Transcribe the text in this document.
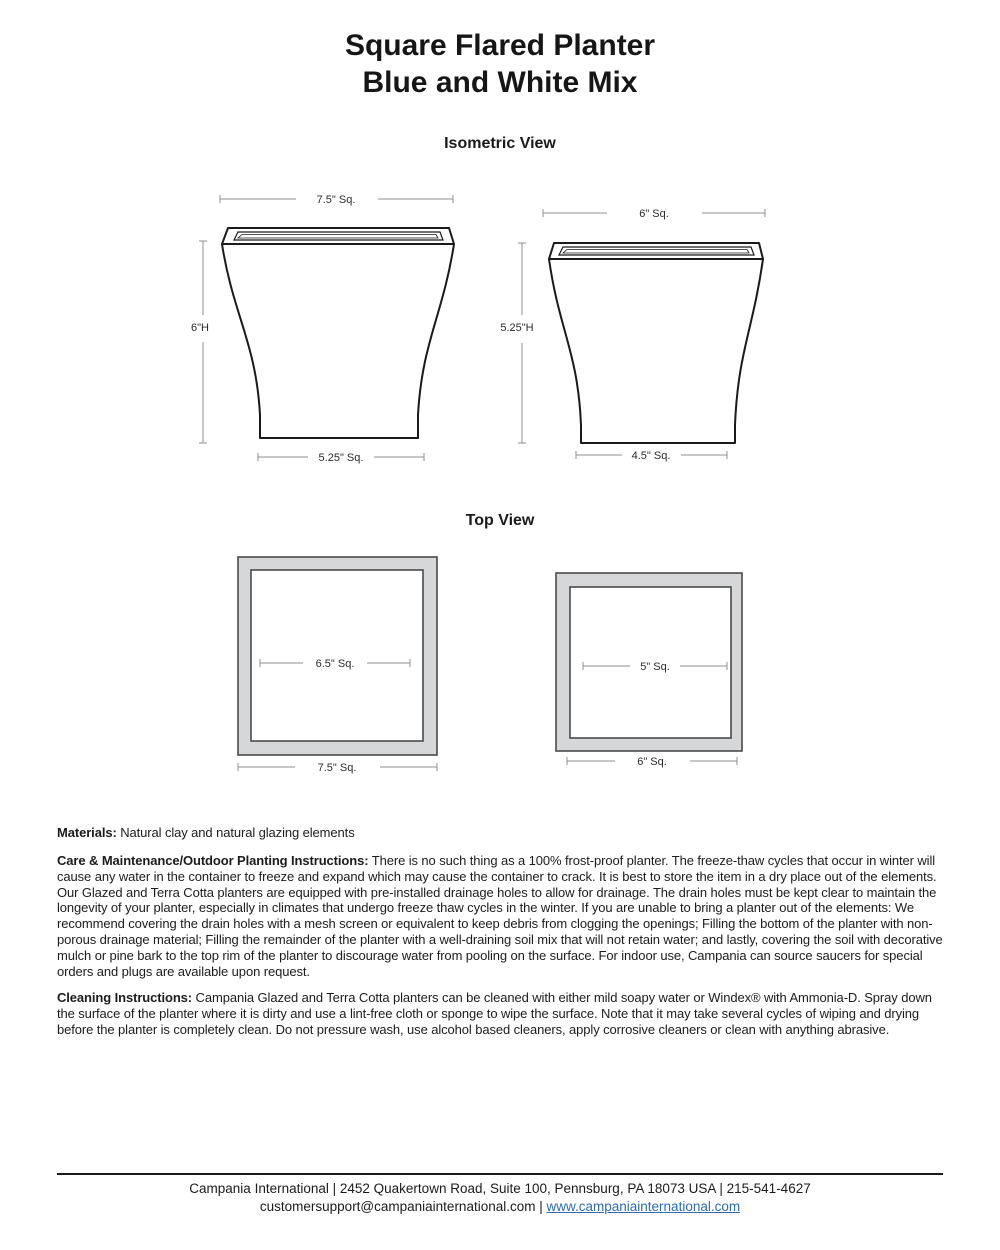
Square Flared Planter
Blue and White Mix
Isometric View
7.5" Sq.
6"H
5.25" Sq.
6" Sq.
5.25"H
4.5" Sq.
Top View
6.5" Sq.
7.5" Sq.
5" Sq.
6" Sq.

Materials: Natural clay and natural glazing elements

Care & Maintenance/Outdoor Planting Instructions: There is no such thing as a 100% frost-proof planter. The freeze-thaw cycles that occur in winter will cause any water in the container to freeze and expand which may cause the container to crack. It is best to store the item in a dry place out of the elements. Our Glazed and Terra Cotta planters are equipped with pre-installed drainage holes to allow for drainage. The drain holes must be kept clear to maintain the longevity of your planter, especially in climates that undergo freeze thaw cycles in the winter. If you are unable to bring a planter out of the elements: We recommend covering the drain holes with a mesh screen or equivalent to keep debris from clogging the openings; Filling the bottom of the planter with non-porous drainage material; Filling the remainder of the planter with a well-draining soil mix that will not retain water; and lastly, covering the soil with decorative mulch or pine bark to the top rim of the planter to discourage water from pooling on the surface. For indoor use, Campania can source saucers for special orders and plugs are available upon request.

Cleaning Instructions: Campania Glazed and Terra Cotta planters can be cleaned with either mild soapy water or Windex® with Ammonia-D. Spray down the surface of the planter where it is dirty and use a lint-free cloth or sponge to wipe the surface. Note that it may take several cycles of wiping and drying before the planter is completely clean. Do not pressure wash, use alcohol based cleaners, apply corrosive cleaners or clean with anything abrasive.

Campania International | 2452 Quakertown Road, Suite 100, Pennsburg, PA 18073 USA | 215-541-4627
customersupport@campaniainternational.com | www.campaniainternational.com
